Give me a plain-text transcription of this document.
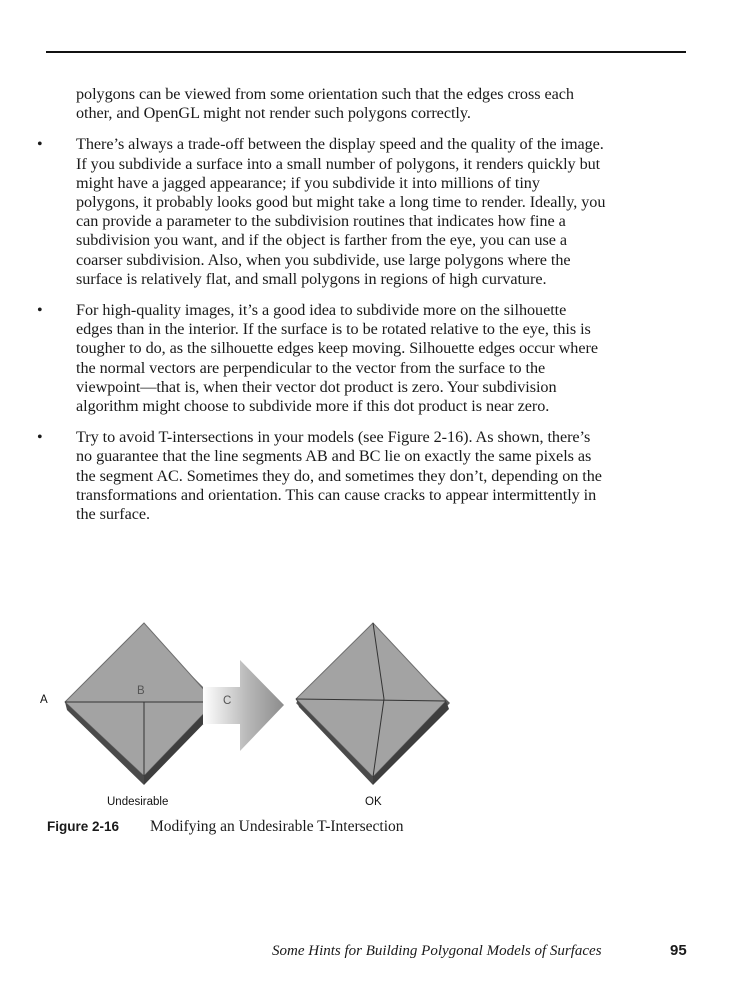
polygons can be viewed from some orientation such that the edges cross each other, and OpenGL might not render such polygons correctly.

• There’s always a trade-off between the display speed and the quality of the image. If you subdivide a surface into a small number of polygons, it renders quickly but might have a jagged appearance; if you subdivide it into millions of tiny polygons, it probably looks good but might take a long time to render. Ideally, you can provide a parameter to the subdivision routines that indicates how fine a subdivision you want, and if the object is farther from the eye, you can use a coarser subdivision. Also, when you subdivide, use large polygons where the surface is relatively flat, and small polygons in regions of high curvature.

• For high-quality images, it’s a good idea to subdivide more on the silhouette edges than in the interior. If the surface is to be rotated relative to the eye, this is tougher to do, as the silhouette edges keep moving. Silhouette edges occur where the normal vectors are perpendicular to the vector from the surface to the viewpoint—that is, when their vector dot product is zero. Your subdivision algorithm might choose to subdivide more if this dot product is near zero.

• Try to avoid T-intersections in your models (see Figure 2-16). As shown, there’s no guarantee that the line segments AB and BC lie on exactly the same pixels as the segment AC. Sometimes they do, and sometimes they don’t, depending on the transformations and orientation. This can cause cracks to appear intermittently in the surface.

A
B
C
Undesirable	OK
Figure 2-16 Modifying an Undesirable T-Intersection
Some Hints for Building Polygonal Models of Surfaces	95
